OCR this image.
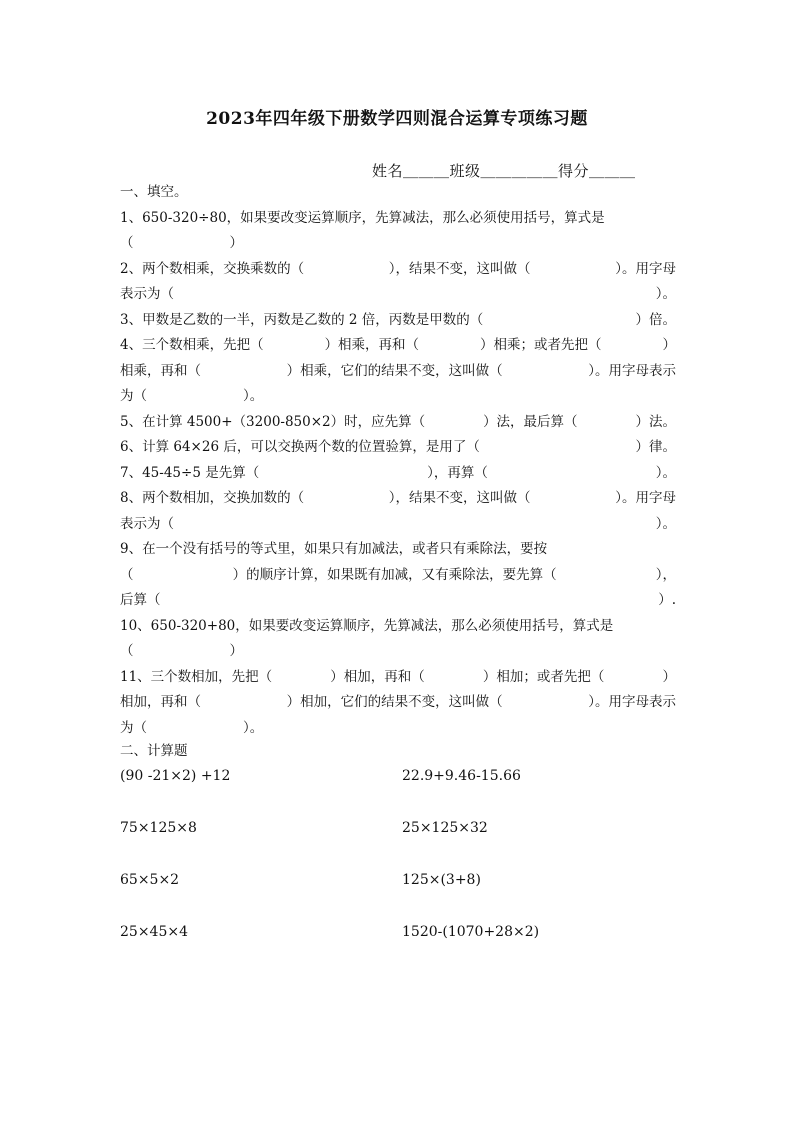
2023年四年级下册数学四则混合运算专项练习题
姓名＿＿＿班级＿＿＿＿＿得分＿＿＿
一、填空。
1、650-320÷80，如果要改变运算顺序，先算减法，那么必须使用括号，算式是
（	）
2、两个数相乘，交换乘数的（	），结果不变，这叫做（	）。用字母
表示为（	）。
3、甲数是乙数的一半，丙数是乙数的 2 倍，丙数是甲数的（	）倍。
4、三个数相乘，先把（	）相乘，再和（	）相乘；或者先把（	）
相乘，再和（	）相乘，它们的结果不变，这叫做（	）。用字母表示
为（	）。
5、在计算 4500+（3200-850×2）时，应先算（	）法，最后算（	）法。
6、计算 64×26 后，可以交换两个数的位置验算，是用了（	）律。
7、45-45÷5 是先算（	），再算（	）。
8、两个数相加，交换加数的（	），结果不变，这叫做（	）。用字母
表示为（	）。
9、在一个没有括号的等式里，如果只有加减法，或者只有乘除法，要按
（	）的顺序计算，如果既有加减，又有乘除法，要先算（	），
后算（	）.
10、650-320+80，如果要改变运算顺序，先算减法，那么必须使用括号，算式是
（	）
11、三个数相加，先把（	）相加，再和（	）相加；或者先把（	）
相加，再和（	）相加，它们的结果不变，这叫做（	）。用字母表示
为（	）。
二、计算题
(90 -21×2) +12	22.9+9.46-15.66
75×125×8	25×125×32
65×5×2	125×(3+8)
25×45×4	1520-(1070+28×2)
